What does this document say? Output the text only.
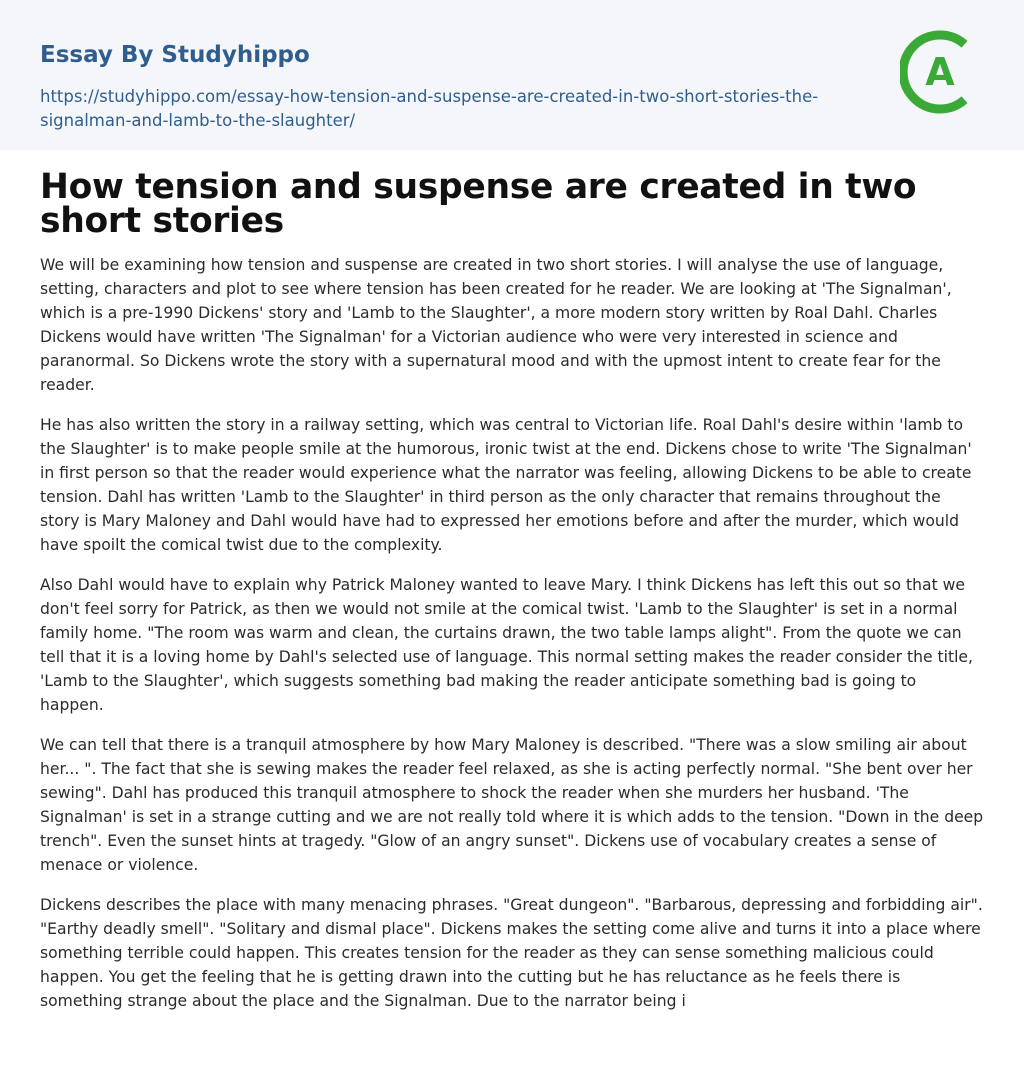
Essay By Studyhippo
https://studyhippo.com/essay-how-tension-and-suspense-are-created-in-two-short-stories-the-
signalman-and-lamb-to-the-slaughter/
A
How tension and suspense are created in two short stories

We will be examining how tension and suspense are created in two short stories. I will analyse the use of language, setting, characters and plot to see where tension has been created for he reader. We are looking at 'The Signalman', which is a pre-1990 Dickens' story and 'Lamb to the Slaughter', a more modern story written by Roal Dahl. Charles Dickens would have written 'The Signalman' for a Victorian audience who were very interested in science and paranormal. So Dickens wrote the story with a supernatural mood and with the upmost intent to create fear for the reader.

He has also written the story in a railway setting, which was central to Victorian life. Roal Dahl's desire within 'lamb to the Slaughter' is to make people smile at the humorous, ironic twist at the end. Dickens chose to write 'The Signalman' in first person so that the reader would experience what the narrator was feeling, allowing Dickens to be able to create tension. Dahl has written 'Lamb to the Slaughter' in third person as the only character that remains throughout the story is Mary Maloney and Dahl would have had to expressed her emotions before and after the murder, which would have spoilt the comical twist due to the complexity.

Also Dahl would have to explain why Patrick Maloney wanted to leave Mary. I think Dickens has left this out so that we don't feel sorry for Patrick, as then we would not smile at the comical twist. 'Lamb to the Slaughter' is set in a normal family home. "The room was warm and clean, the curtains drawn, the two table lamps alight". From the quote we can tell that it is a loving home by Dahl's selected use of language. This normal setting makes the reader consider the title, 'Lamb to the Slaughter', which suggests something bad making the reader anticipate something bad is going to happen.

We can tell that there is a tranquil atmosphere by how Mary Maloney is described. "There was a slow smiling air about her... ". The fact that she is sewing makes the reader feel relaxed, as she is acting perfectly normal. "She bent over her sewing". Dahl has produced this tranquil atmosphere to shock the reader when she murders her husband. 'The Signalman' is set in a strange cutting and we are not really told where it is which adds to the tension. "Down in the deep trench". Even the sunset hints at tragedy. "Glow of an angry sunset". Dickens use of vocabulary creates a sense of menace or violence.

Dickens describes the place with many menacing phrases. "Great dungeon". "Barbarous, depressing and forbidding air". "Earthy deadly smell". "Solitary and dismal place". Dickens makes the setting come alive and turns it into a place where something terrible could happen. This creates tension for the reader as they can sense something malicious could happen. You get the feeling that he is getting drawn into the cutting but he has reluctance as he feels there is something strange about the place and the Signalman. Due to the narrator being i
